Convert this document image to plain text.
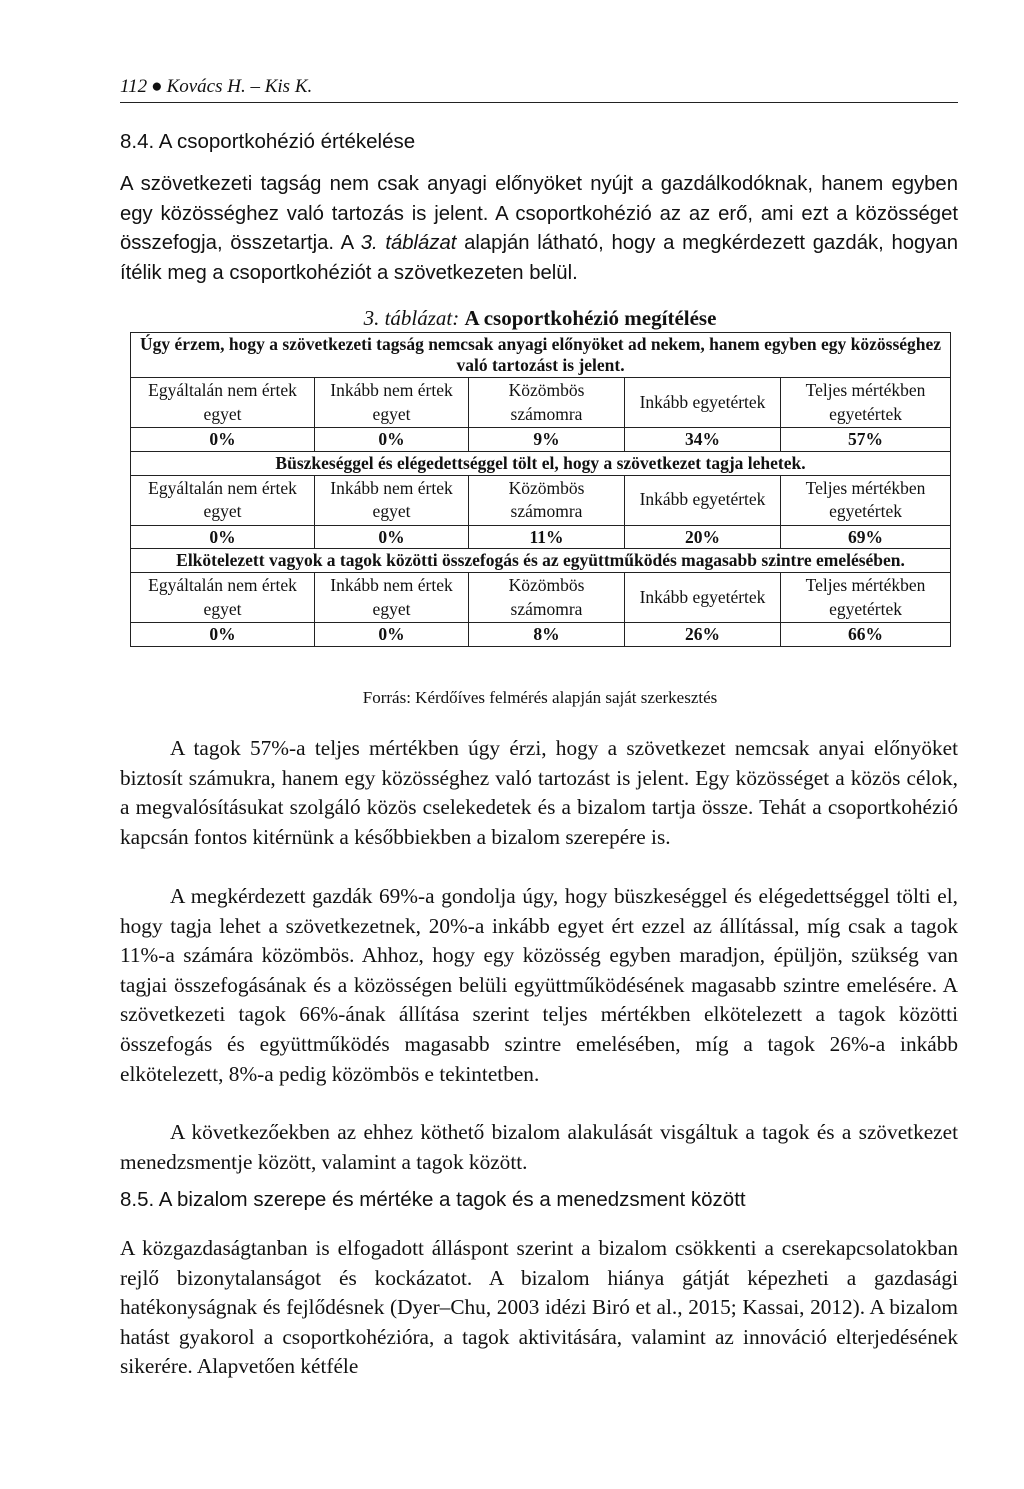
112 ● Kovács H. – Kis K.
8.4. A csoportkohézió értékelése

A szövetkezeti tagság nem csak anyagi előnyöket nyújt a gazdálkodóknak, hanem egyben egy közösséghez való tartozás is jelent. A csoportkohézió az az erő, ami ezt a közösséget összefogja, összetartja. A 3. táblázat alapján látható, hogy a megkérdezett gazdák, hogyan ítélik meg a csoportkohéziót a szövetkezeten belül.

3. táblázat: A csoportkohézió megítélése
Úgy érzem, hogy a szövetkezeti tagság nemcsak anyagi előnyöket ad nekem, hanem egyben egy közösséghez való tartozást is jelent.				
Egyáltalán nem értek egyet	Inkább nem értek egyet	Közömbös számomra	Inkább egyetértek	Teljes mértékben egyetértek
0%	0%	9%	34%	57%
Büszkeséggel és elégedettséggel tölt el, hogy a szövetkezet tagja lehetek.				
Egyáltalán nem értek egyet	Inkább nem értek egyet	Közömbös számomra	Inkább egyetértek	Teljes mértékben egyetértek
0%	0%	11%	20%	69%
Elkötelezett vagyok a tagok közötti összefogás és az együttműködés magasabb szintre emelésében.				
Egyáltalán nem értek egyet	Inkább nem értek egyet	Közömbös számomra	Inkább egyetértek	Teljes mértékben egyetértek
0%	0%	8%	26%	66%
Forrás: Kérdőíves felmérés alapján saját szerkesztés

A tagok 57%-a teljes mértékben úgy érzi, hogy a szövetkezet nemcsak anyai előnyöket biztosít számukra, hanem egy közösséghez való tartozást is jelent. Egy közösséget a közös célok, a megvalósításukat szolgáló közös cselekedetek és a bizalom tartja össze. Tehát a csoportkohézió kapcsán fontos kitérnünk a későbbiekben a bizalom szerepére is.

A megkérdezett gazdák 69%-a gondolja úgy, hogy büszkeséggel és elégedettséggel tölti el, hogy tagja lehet a szövetkezetnek, 20%-a inkább egyet ért ezzel az állítással, míg csak a tagok 11%-a számára közömbös. Ahhoz, hogy egy közösség egyben maradjon, épüljön, szükség van tagjai összefogásának és a közösségen belüli együttműködésének magasabb szintre emelésére. A szövetkezeti tagok 66%-ának állítása szerint teljes mértékben elkötelezett a tagok közötti összefogás és együttműködés magasabb szintre emelésében, míg a tagok 26%-a inkább elkötelezett, 8%-a pedig közömbös e tekintetben.

A következőekben az ehhez köthető bizalom alakulását visgáltuk a tagok és a szövetkezet menedzsmentje között, valamint a tagok között.

8.5. A bizalom szerepe és mértéke a tagok és a menedzsment között

A közgazdaságtanban is elfogadott álláspont szerint a bizalom csökkenti a cserekapcsolatokban rejlő bizonytalanságot és kockázatot. A bizalom hiánya gátját képezheti a gazdasági hatékonyságnak és fejlődésnek (Dyer–Chu, 2003 idézi Biró et al., 2015; Kassai, 2012). A bizalom hatást gyakorol a csoportkohézióra, a tagok aktivitására, valamint az innováció elterjedésének sikerére. Alapvetően kétféle
